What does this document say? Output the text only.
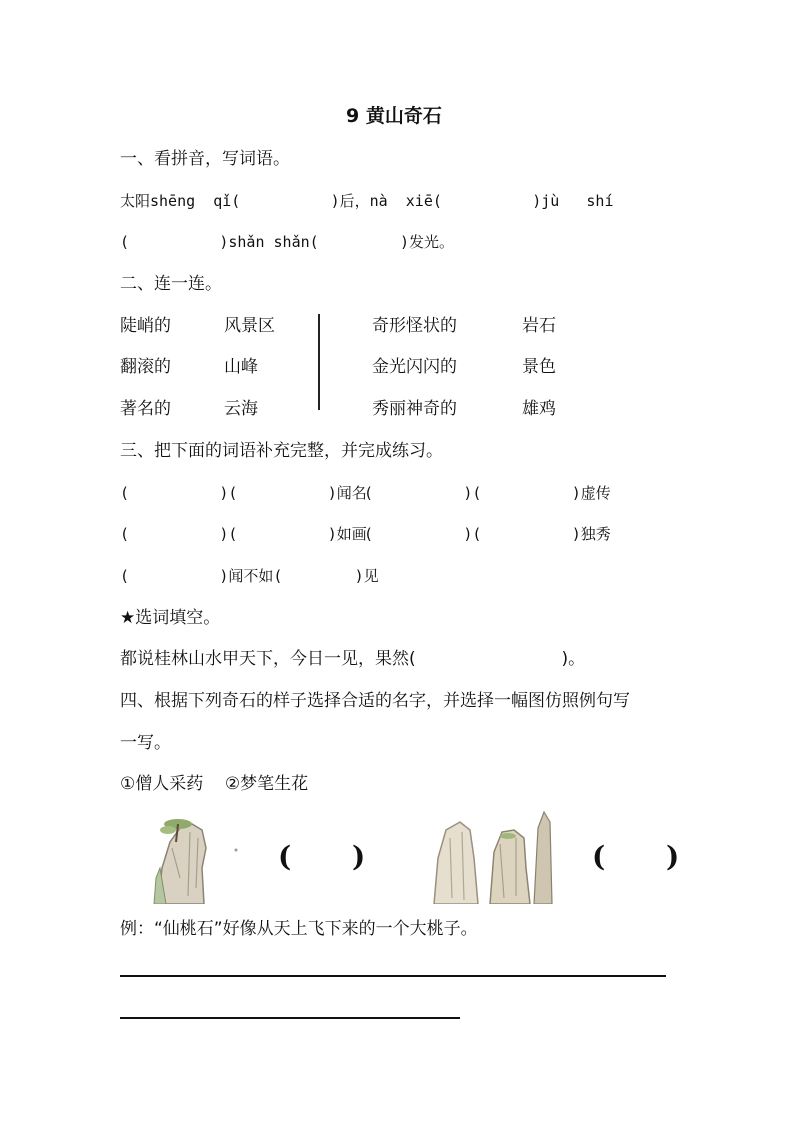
9 黄山奇石
一、看拼音，写词语。
太阳shēng  qǐ(          )后，nà  xiē(          )jù   shí
(          )shǎn shǎn(         )发光。
二、连一连。
陡峭的
翻滚的
著名的
风景区
山峰
云海
奇形怪状的
金光闪闪的
秀丽神奇的
岩石
景色
雄鸡
三、把下面的词语补充完整，并完成练习。
(          )(          )闻名
(          )(          )虚传
(          )(          )如画
(          )(          )独秀
(          )闻不如(        )见
★选词填空。
都说桂林山水甲天下，今日一见，果然(                           )。
四、根据下列奇石的样子选择合适的名字，并选择一幅图仿照例句写
一写。
①僧人采药    ②梦笔生花
( )	( )
例：“仙桃石”好像从天上飞下来的一个大桃子。
